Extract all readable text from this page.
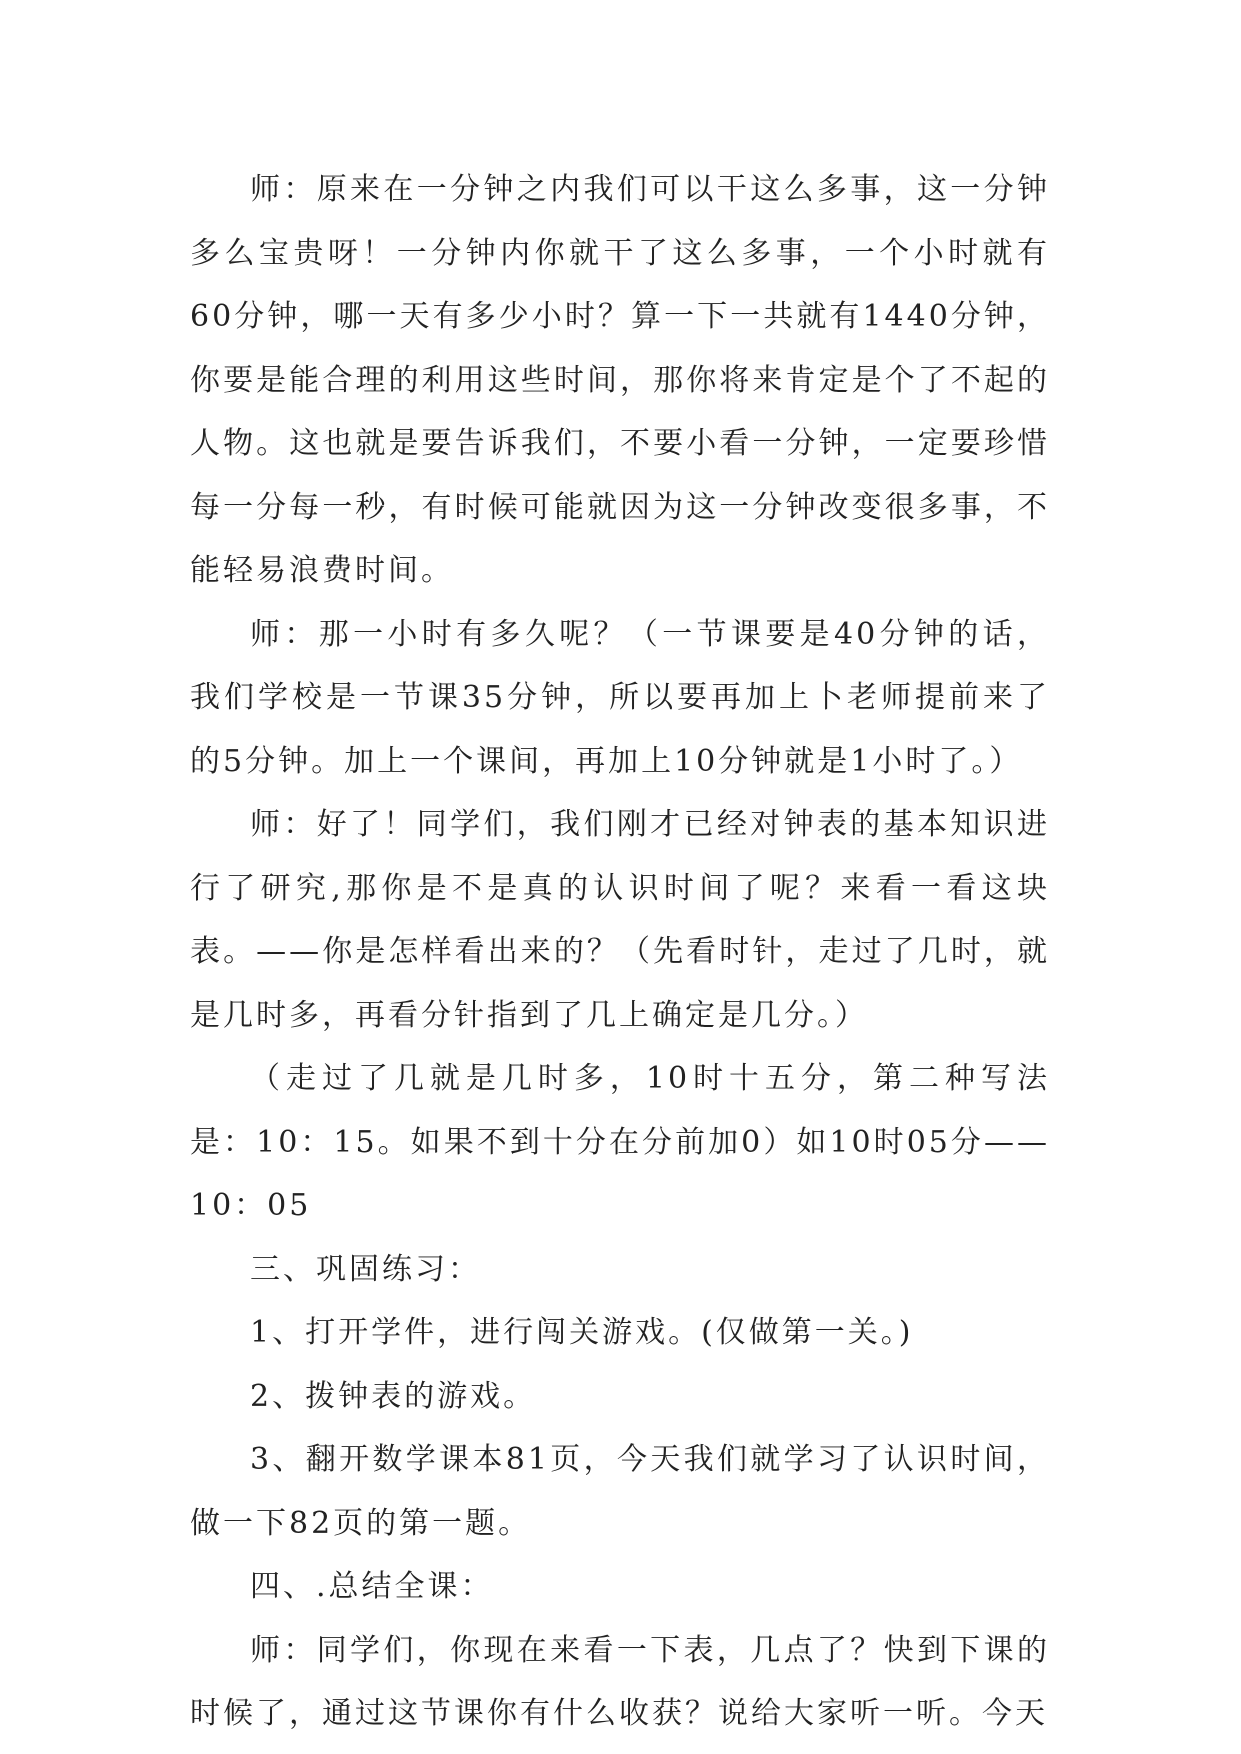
师：原来在一分钟之内我们可以干这么多事，这一分钟多么宝贵呀！一分钟内你就干了这么多事，一个小时就有60分钟，哪一天有多少小时？算一下一共就有1440分钟，你要是能合理的利用这些时间，那你将来肯定是个了不起的人物。这也就是要告诉我们，不要小看一分钟，一定要珍惜每一分每一秒，有时候可能就因为这一分钟改变很多事，不能轻易浪费时间。

师：那一小时有多久呢？（一节课要是40分钟的话，我们学校是一节课35分钟，所以要再加上卜老师提前来了的5分钟。加上一个课间，再加上10分钟就是1小时了。）

师：好了！同学们，我们刚才已经对钟表的基本知识进行了研究,那你是不是真的认识时间了呢？来看一看这块表。——你是怎样看出来的？（先看时针，走过了几时，就是几时多，再看分针指到了几上确定是几分。）

（走过了几就是几时多，10时十五分，第二种写法是：10：15。如果不到十分在分前加0）如10时05分——10：05

三、巩固练习：

1、打开学件，进行闯关游戏。(仅做第一关。)

2、拨钟表的游戏。

3、翻开数学课本81页，今天我们就学习了认识时间，做一下82页的第一题。

四、.总结全课：

师：同学们，你现在来看一下表，几点了？快到下课的时候了，通过这节课你有什么收获？说给大家听一听。今天
